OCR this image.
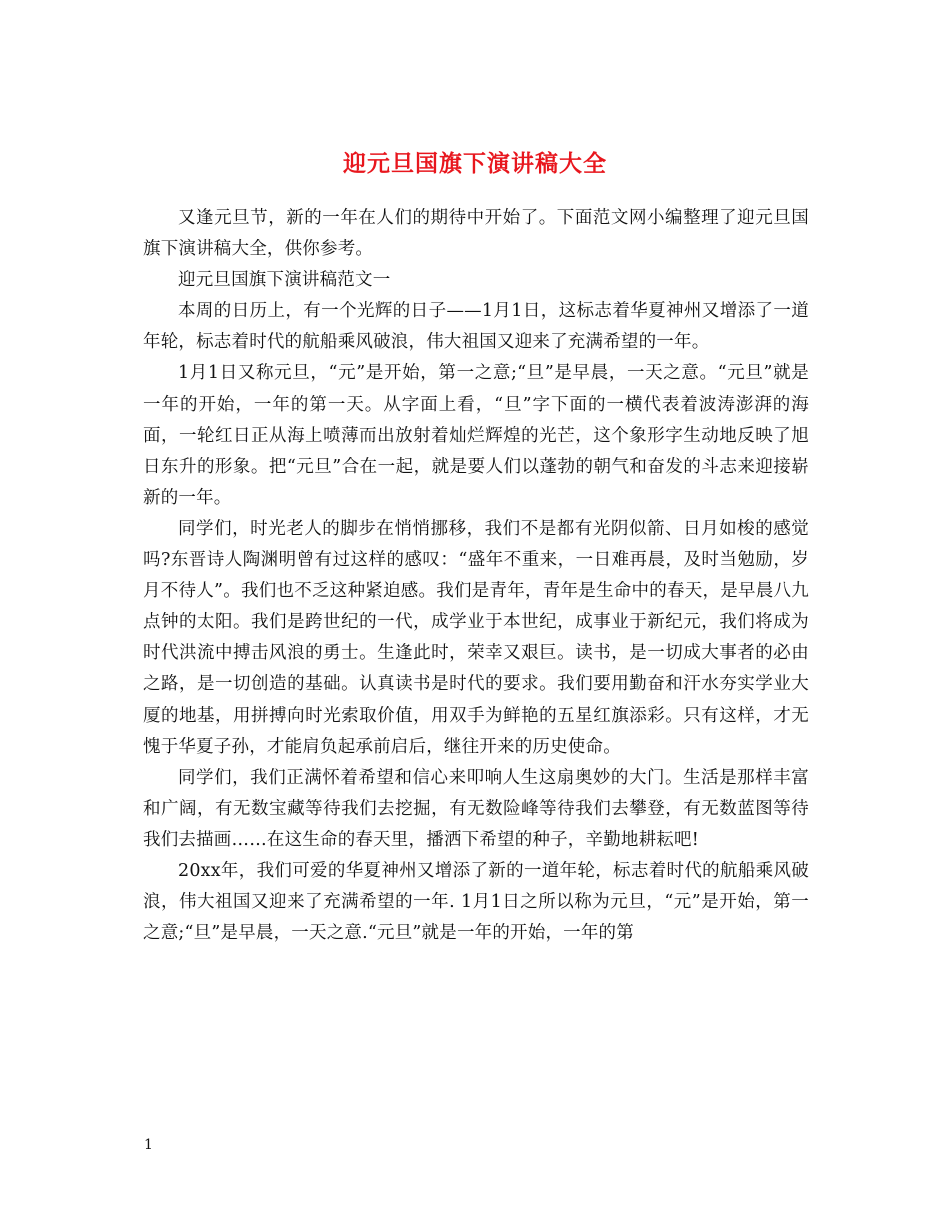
迎元旦国旗下演讲稿大全

又逢元旦节，新的一年在人们的期待中开始了。下面范文网小编整理了迎元旦国旗下演讲稿大全，供你参考。

迎元旦国旗下演讲稿范文一

本周的日历上，有一个光辉的日子——1月1日，这标志着华夏神州又增添了一道年轮，标志着时代的航船乘风破浪，伟大祖国又迎来了充满希望的一年。

1月1日又称元旦，“元”是开始，第一之意;“旦”是早晨，一天之意。“元旦”就是一年的开始，一年的第一天。从字面上看，“旦”字下面的一横代表着波涛澎湃的海面，一轮红日正从海上喷薄而出放射着灿烂辉煌的光芒，这个象形字生动地反映了旭日东升的形象。把“元旦”合在一起，就是要人们以蓬勃的朝气和奋发的斗志来迎接崭新的一年。

同学们，时光老人的脚步在悄悄挪移，我们不是都有光阴似箭、日月如梭的感觉吗?东晋诗人陶渊明曾有过这样的感叹：“盛年不重来，一日难再晨，及时当勉励，岁月不待人”。我们也不乏这种紧迫感。我们是青年，青年是生命中的春天，是早晨八九点钟的太阳。我们是跨世纪的一代，成学业于本世纪，成事业于新纪元，我们将成为时代洪流中搏击风浪的勇士。生逢此时，荣幸又艰巨。读书，是一切成大事者的必由之路，是一切创造的基础。认真读书是时代的要求。我们要用勤奋和汗水夯实学业大厦的地基，用拼搏向时光索取价值，用双手为鲜艳的五星红旗添彩。只有这样，才无愧于华夏子孙，才能肩负起承前启后，继往开来的历史使命。

同学们，我们正满怀着希望和信心来叩响人生这扇奥妙的大门。生活是那样丰富和广阔，有无数宝藏等待我们去挖掘，有无数险峰等待我们去攀登，有无数蓝图等待我们去描画……在这生命的春天里，播洒下希望的种子，辛勤地耕耘吧!

20xx年，我们可爱的华夏神州又增添了新的一道年轮，标志着时代的航船乘风破浪，伟大祖国又迎来了充满希望的一年. 1月1日之所以称为元旦，“元”是开始，第一之意;“旦”是早晨，一天之意.“元旦”就是一年的开始，一年的第

1
